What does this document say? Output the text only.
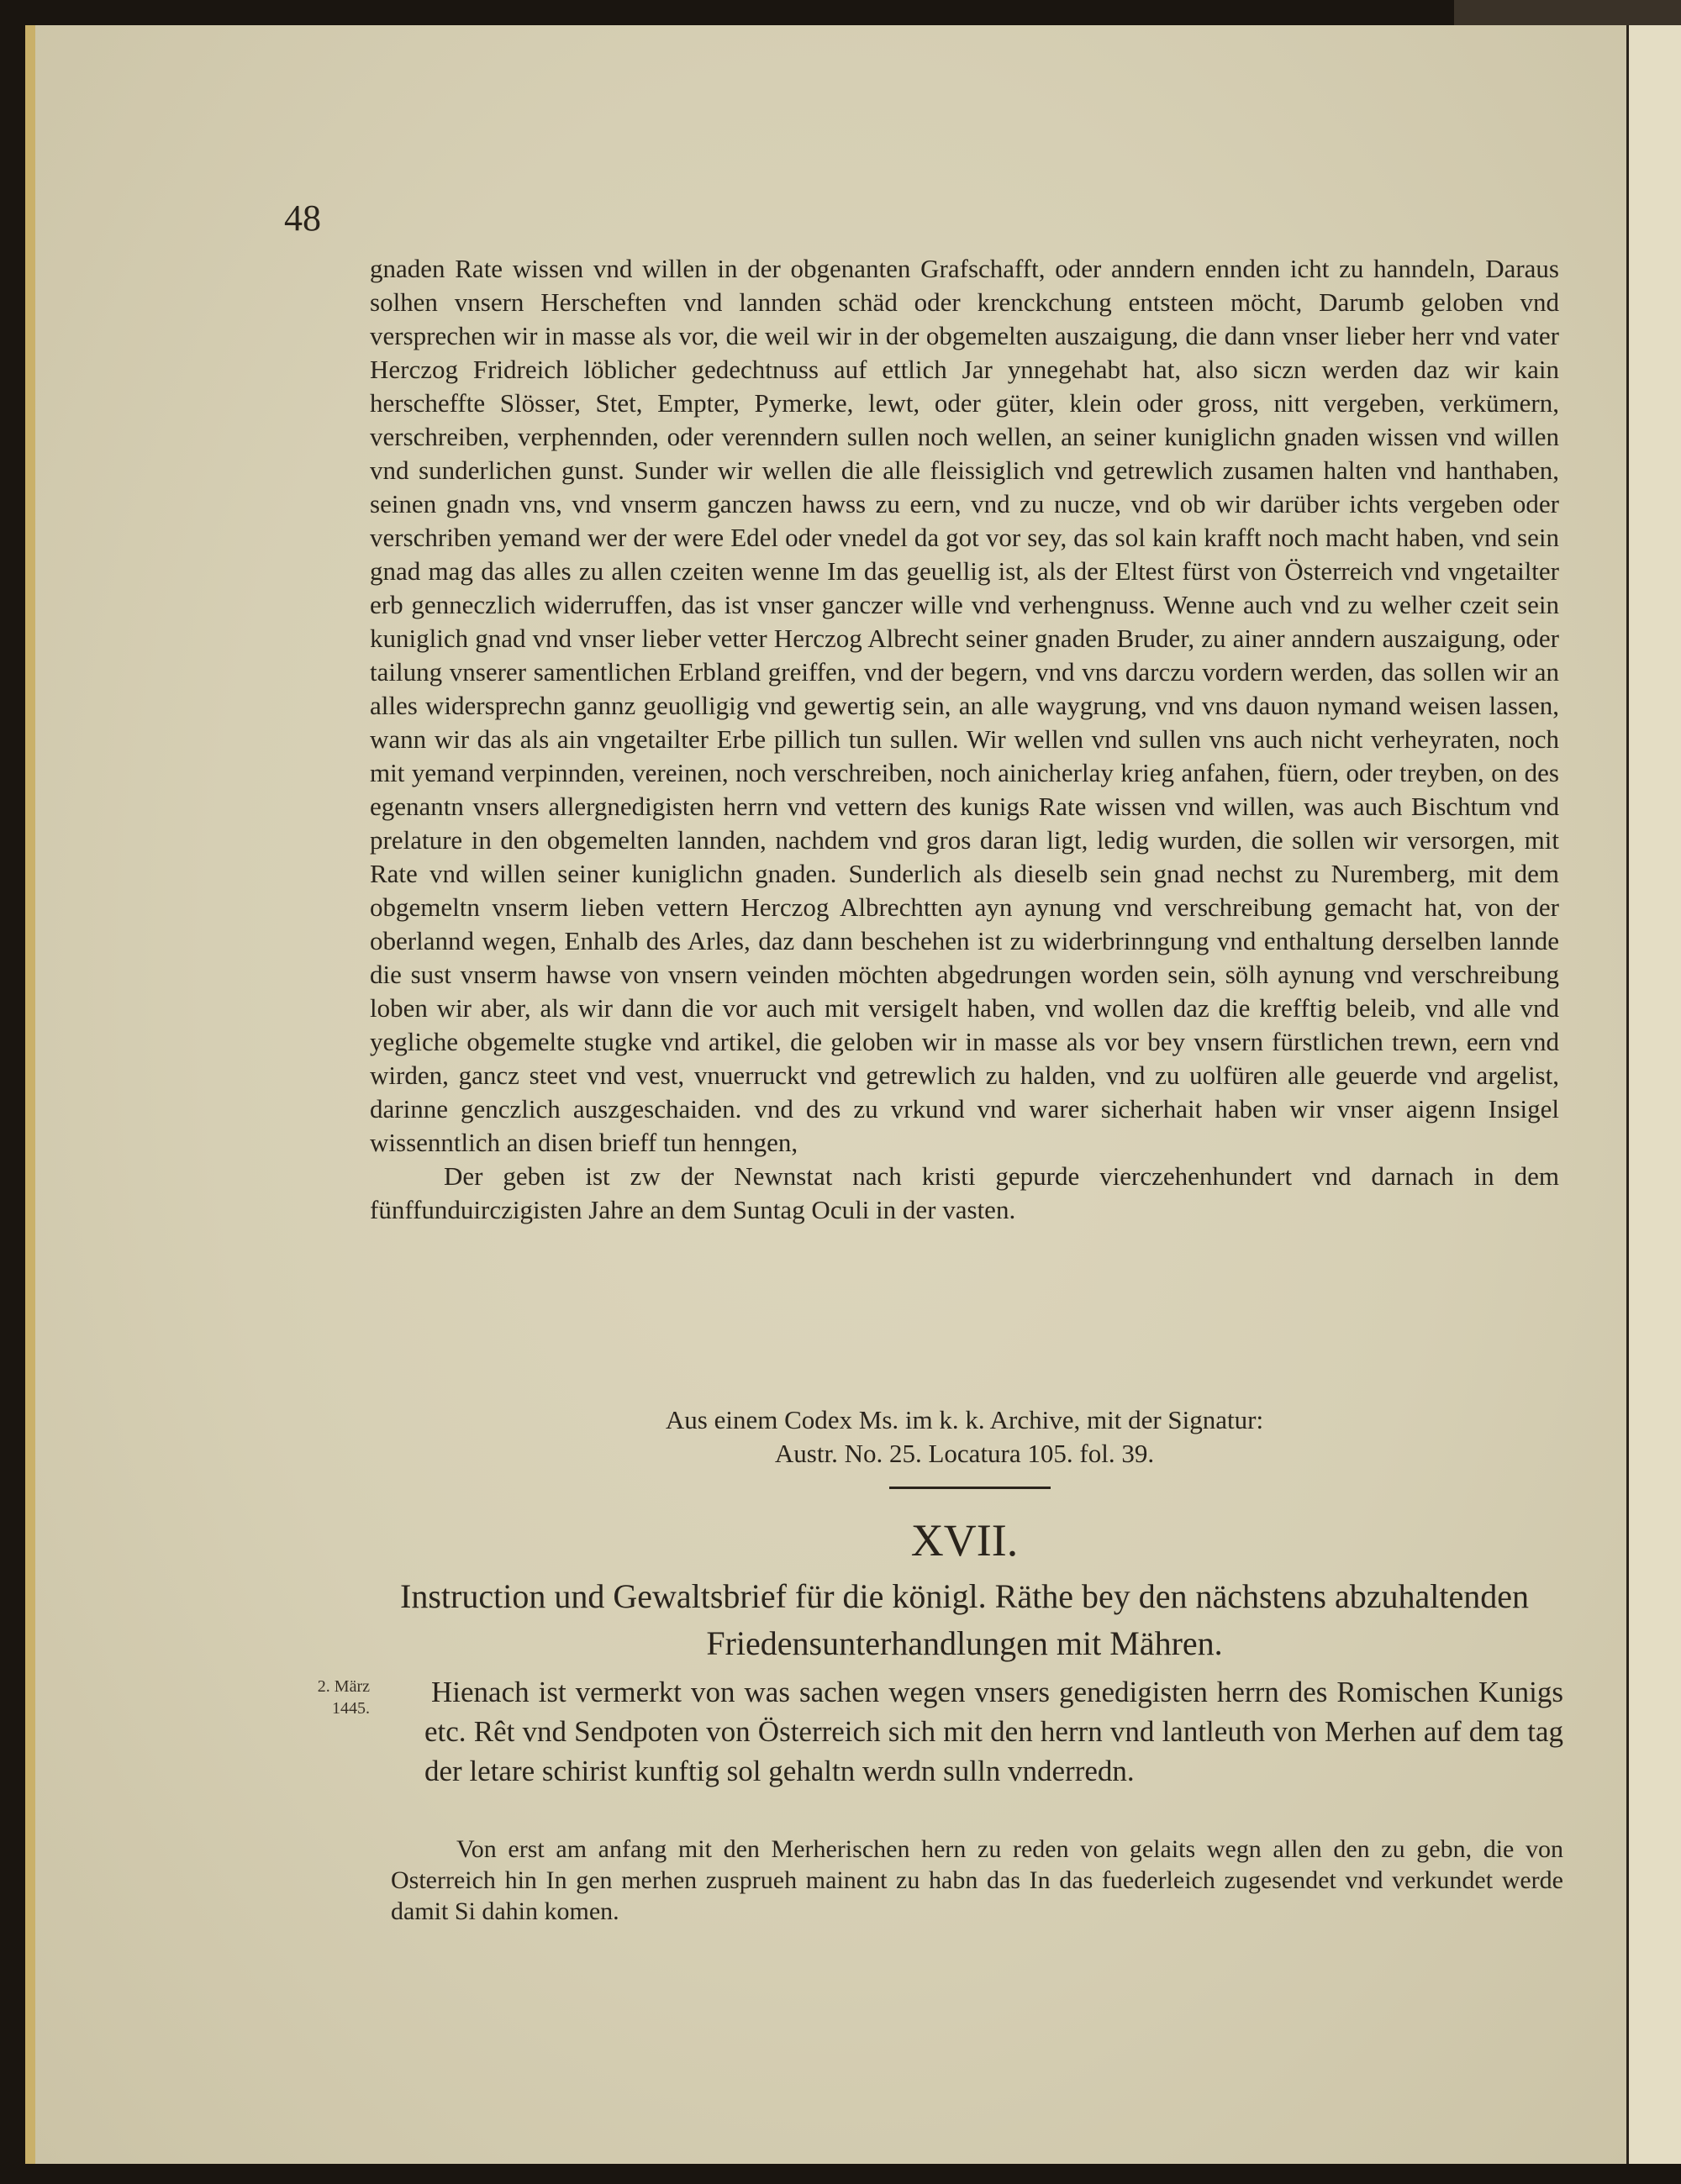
48

gnaden Rate wissen vnd willen in der obgenanten Grafschafft, oder anndern ennden icht zu hanndeln, Daraus solhen vnsern Herscheften vnd lannden schäd oder krenckchung entsteen möcht, Darumb geloben vnd versprechen wir in masse als vor, die weil wir in der obgemelten auszaigung, die dann vnser lieber herr vnd vater Herczog Fridreich löblicher gedechtnuss auf ettlich Jar ynnegehabt hat, also siczn werden daz wir kain herscheffte Slösser, Stet, Empter, Pymerke, lewt, oder güter, klein oder gross, nitt vergeben, verkümern, verschreiben, verphennden, oder verenndern sullen noch wellen, an seiner kuniglichn gnaden wissen vnd willen vnd sunderlichen gunst. Sunder wir wellen die alle fleissiglich vnd getrewlich zusamen halten vnd hanthaben, seinen gnadn vns, vnd vnserm ganczen hawss zu eern, vnd zu nucze, vnd ob wir darüber ichts vergeben oder verschriben yemand wer der were Edel oder vnedel da got vor sey, das sol kain krafft noch macht haben, vnd sein gnad mag das alles zu allen czeiten wenne Im das geuellig ist, als der Eltest fürst von Österreich vnd vngetailter erb genneczlich widerruffen, das ist vnser ganczer wille vnd verhengnuss. Wenne auch vnd zu welher czeit sein kuniglich gnad vnd vnser lieber vetter Herczog Albrecht seiner gnaden Bruder, zu ainer anndern auszaigung, oder tailung vnserer samentlichen Erbland greiffen, vnd der begern, vnd vns darczu vordern werden, das sollen wir an alles widersprechn gannz geuolligig vnd gewertig sein, an alle waygrung, vnd vns dauon nymand weisen lassen, wann wir das als ain vngetailter Erbe pillich tun sullen. Wir wellen vnd sullen vns auch nicht verheyraten, noch mit yemand verpinnden, vereinen, noch verschreiben, noch ainicherlay krieg anfahen, füern, oder treyben, on des egenantn vnsers allergnedigisten herrn vnd vettern des kunigs Rate wissen vnd willen, was auch Bischtum vnd prelature in den obgemelten lannden, nachdem vnd gros daran ligt, ledig wurden, die sollen wir versorgen, mit Rate vnd willen seiner kuniglichn gnaden. Sunderlich als dieselb sein gnad nechst zu Nuremberg, mit dem obgemeltn vnserm lieben vettern Herczog Albrechtten ayn aynung vnd verschreibung gemacht hat, von der oberlannd wegen, Enhalb des Arles, daz dann beschehen ist zu widerbrinngung vnd enthaltung derselben lannde die sust vnserm hawse von vnsern veinden möchten abgedrungen worden sein, sölh aynung vnd verschreibung loben wir aber, als wir dann die vor auch mit versigelt haben, vnd wollen daz die krefftig beleib, vnd alle vnd yegliche obgemelte stugke vnd artikel, die geloben wir in masse als vor bey vnsern fürstlichen trewn, eern vnd wirden, gancz steet vnd vest, vnuerruckt vnd getrewlich zu halden, vnd zu uolfüren alle geuerde vnd argelist, darinne genczlich auszgeschaiden. vnd des zu vrkund vnd warer sicherhait haben wir vnser aigenn Insigel wissenntlich an disen brieff tun henngen,

Der geben ist zw der Newnstat nach kristi gepurde vierczehenhundert vnd darnach in dem fünffunduirczigisten Jahre an dem Suntag Oculi in der vasten.

Aus einem Codex Ms. im k. k. Archive, mit der Signatur:
Austr. No. 25. Locatura 105. fol. 39.
XVII.
Instruction und Gewaltsbrief für die königl. Räthe bey den nächstens abzuhaltenden Friedensunterhandlungen mit Mähren.
2. März
1445. Hienach ist vermerkt von was sachen wegen vnsers genedigisten herrn des Romischen Kunigs etc. Rêt vnd Sendpoten von Österreich sich mit den herrn vnd lantleuth von Merhen auf dem tag der letare schirist kunftig sol gehaltn werdn sulln vnderredn.
Von erst am anfang mit den Merherischen hern zu reden von gelaits wegn allen den zu gebn, die von Osterreich hin In gen merhen zusprueh mainent zu habn das In das fuederleich zugesendet vnd verkundet werde damit Si dahin komen.
